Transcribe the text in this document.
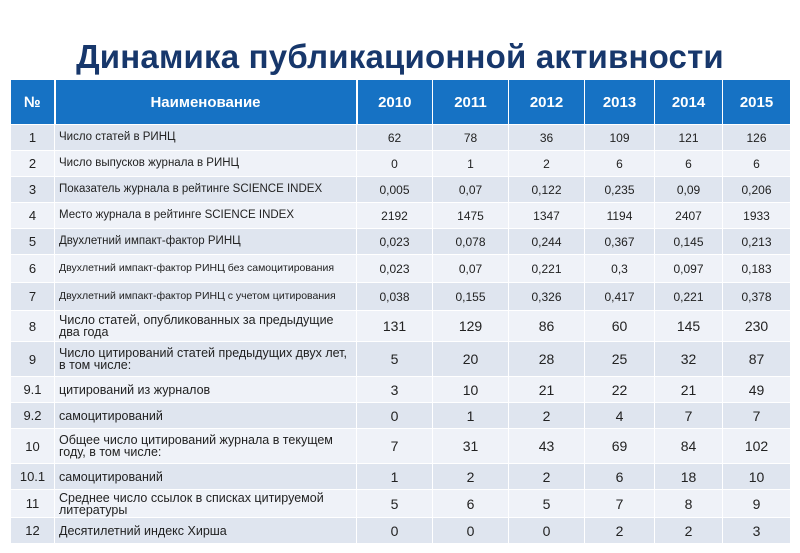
Динамика публикационной активности
№	Наименование	2010	2011	2012	2013	2014	2015
1	Число статей в РИНЦ	62	78	36	109	121	126
2	Число выпусков журнала в РИНЦ	0	1	2	6	6	6
3	Показатель журнала в рейтинге SCIENCE INDEX	0,005	0,07	0,122	0,235	0,09	0,206
4	Место журнала в рейтинге SCIENCE INDEX	2192	1475	1347	1194	2407	1933
5	Двухлетний импакт-фактор РИНЦ	0,023	0,078	0,244	0,367	0,145	0,213
6	Двухлетний импакт-фактор РИНЦ без самоцитирования	0,023	0,07	0,221	0,3	0,097	0,183
7	Двухлетний импакт-фактор РИНЦ с учетом цитирования	0,038	0,155	0,326	0,417	0,221	0,378
8	Число статей, опубликованных за предыдущие два года	131	129	86	60	145	230
9	Число цитирований статей предыдущих двух лет, в том числе:	5	20	28	25	32	87
9.1	цитирований из журналов	3	10	21	22	21	49
9.2	самоцитирований	0	1	2	4	7	7
10	Общее число цитирований журнала в текущем году, в том числе:	7	31	43	69	84	102
10.1	самоцитирований	1	2	2	6	18	10
11	Среднее число ссылок в списках цитируемой литературы	5	6	5	7	8	9
12	Десятилетний индекс Хирша	0	0	0	2	2	3
